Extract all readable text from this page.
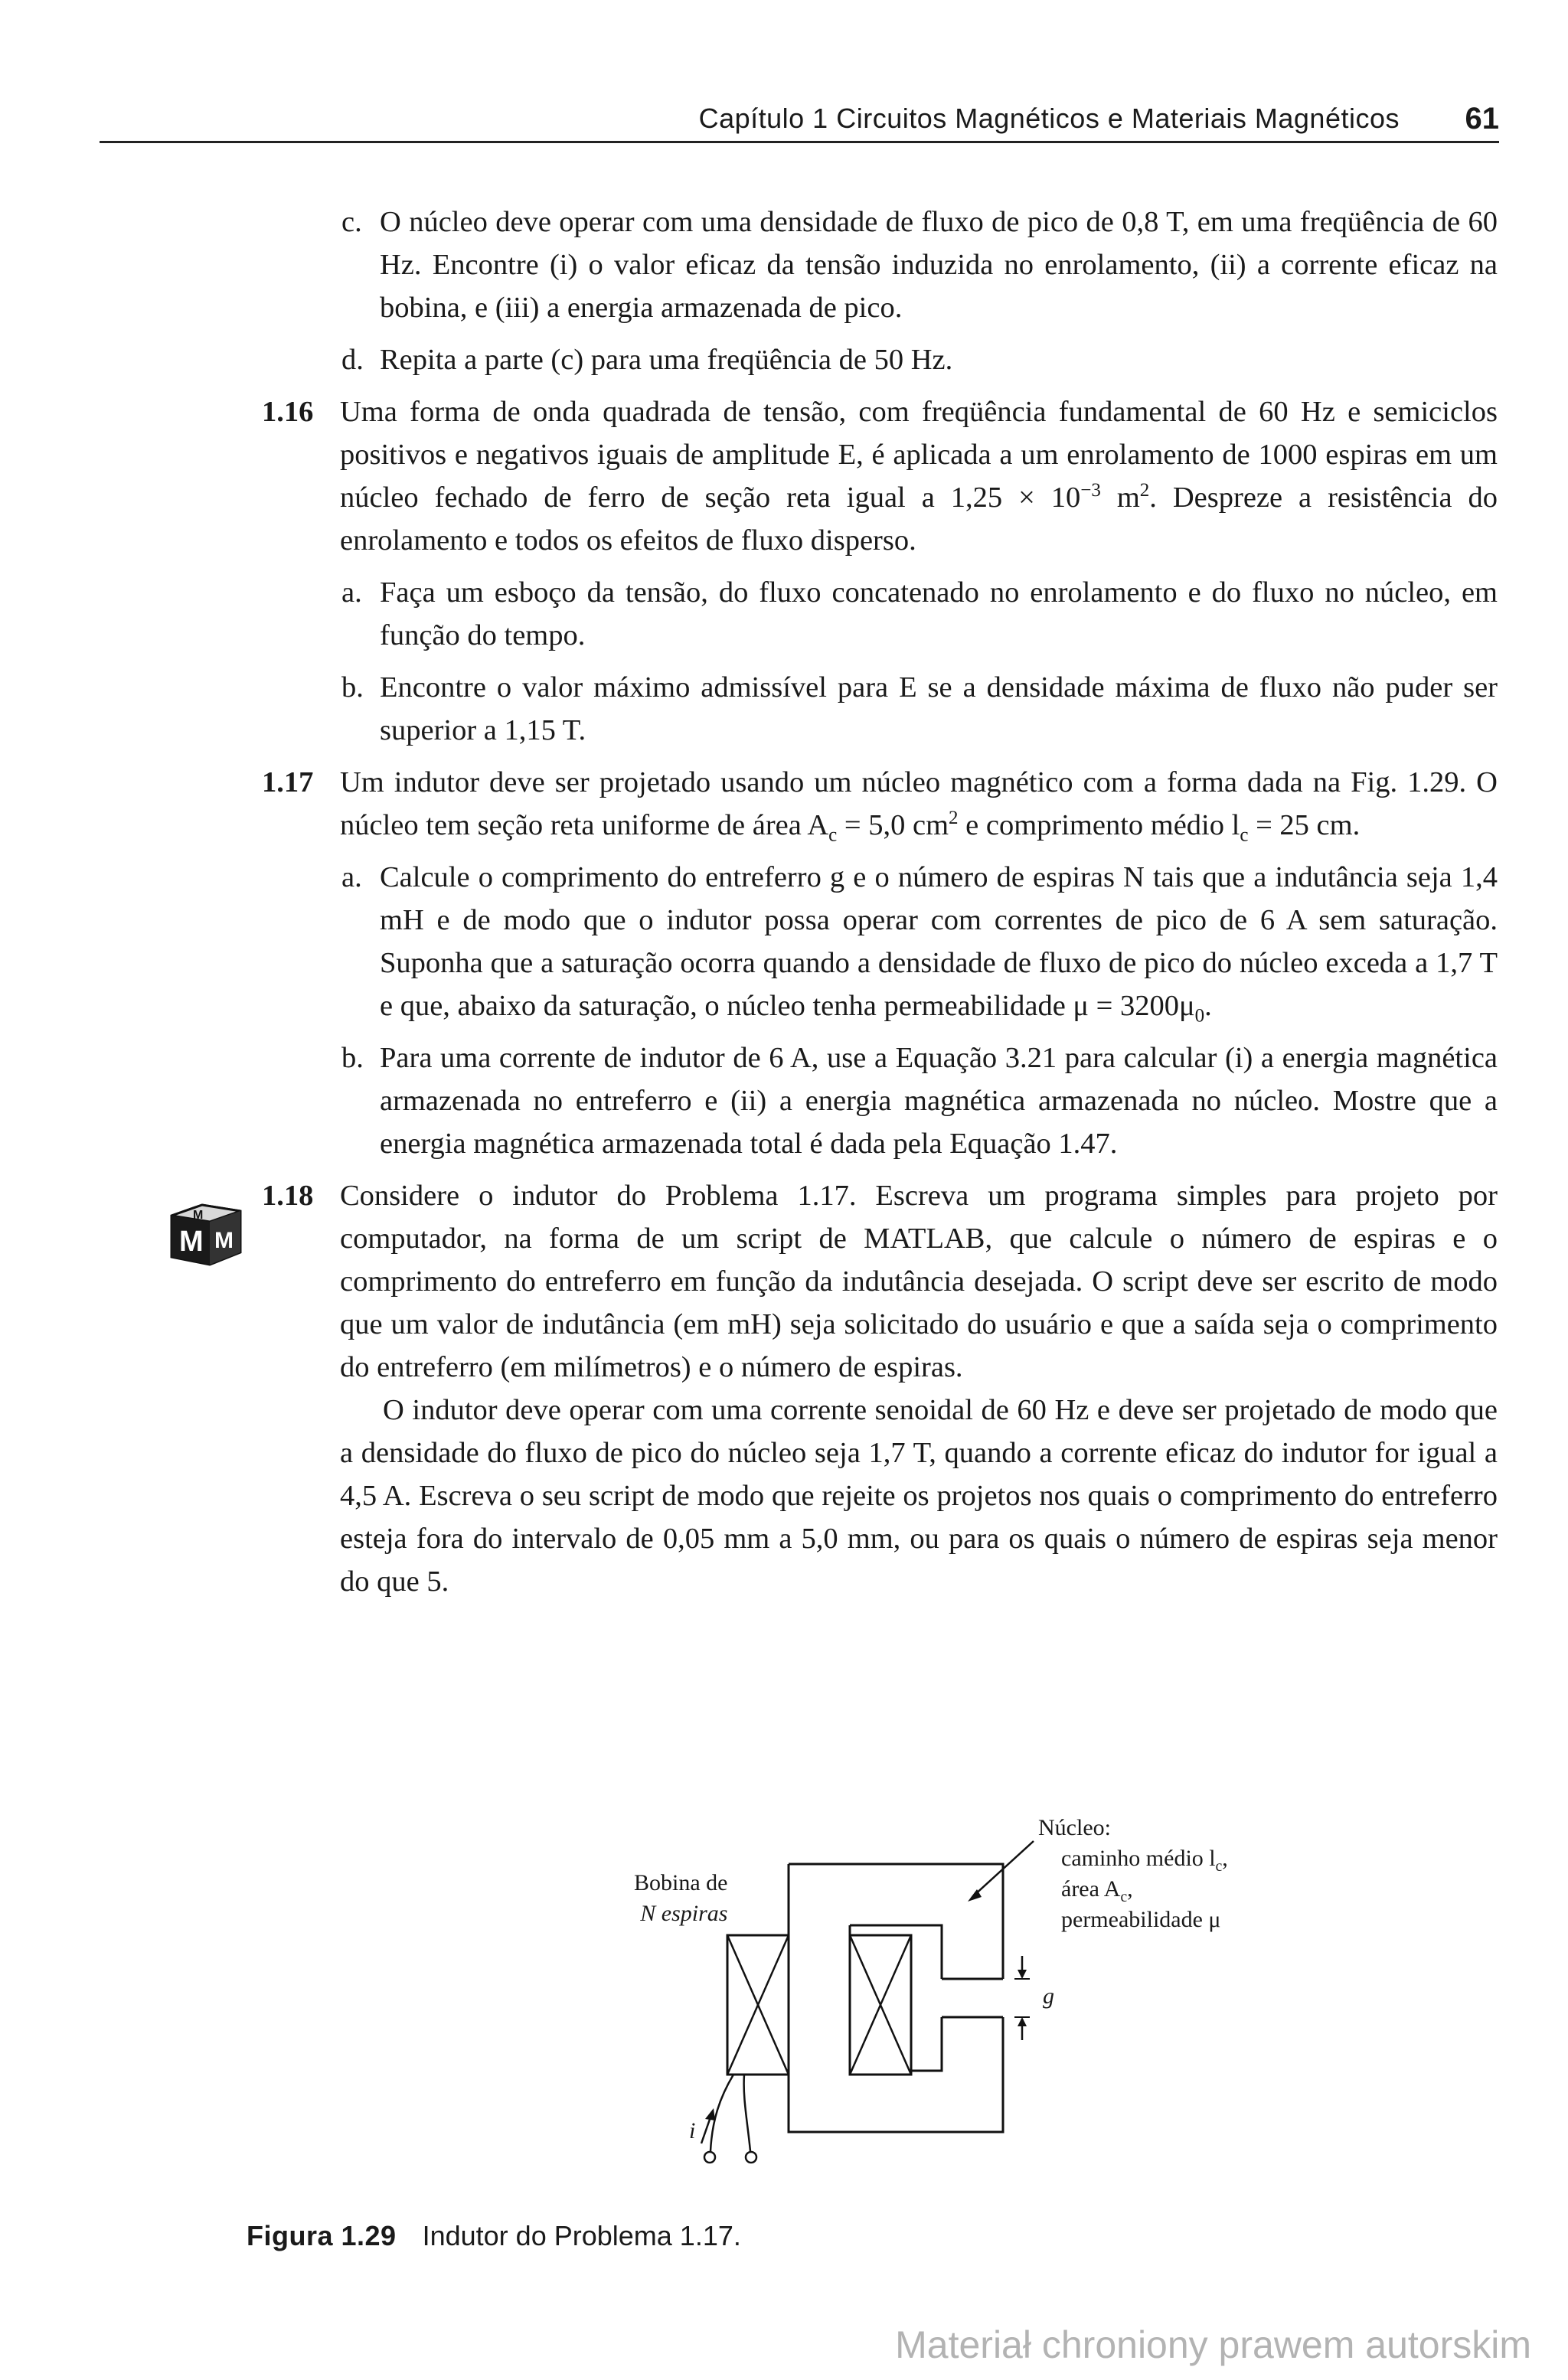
Capítulo 1 Circuitos Magnéticos e Materiais Magnéticos 61
c. O núcleo deve operar com uma densidade de fluxo de pico de 0,8 T, em uma freqüência de 60 Hz. Encontre (i) o valor eficaz da tensão induzida no enrolamento, (ii) a corrente eficaz na bobina, e (iii) a energia armazenada de pico.
d. Repita a parte (c) para uma freqüência de 50 Hz.
1.16 Uma forma de onda quadrada de tensão, com freqüência fundamental de 60 Hz e semiciclos positivos e negativos iguais de amplitude E, é aplicada a um enrolamento de 1000 espiras em um núcleo fechado de ferro de seção reta igual a $1,25 \times 10^{-3}$ $m^2$. Despreze a resistência do enrolamento e todos os efeitos de fluxo disperso.
a. Faça um esboço da tensão, do fluxo concatenado no enrolamento e do fluxo no núcleo, em função do tempo.
b. Encontre o valor máximo admissível para E se a densidade máxima de fluxo não puder ser superior a 1,15 T.
1.17 Um indutor deve ser projetado usando um núcleo magnético com a forma dada na Fig. 1.29. O núcleo tem seção reta uniforme de área $A_c = 5,0$ $cm^2$ e comprimento médio $l_c = 25$ cm.
a. Calcule o comprimento do entreferro g e o número de espiras N tais que a indutância seja 1,4 mH e de modo que o indutor possa operar com correntes de pico de 6 A sem saturação. Suponha que a saturação ocorra quando a densidade de fluxo de pico do núcleo exceda a 1,7 T e que, abaixo da saturação, o núcleo tenha permeabilidade $\mu = 3200\mu_0$.
b. Para uma corrente de indutor de 6 A, use a Equação 3.21 para calcular (i) a energia magnética armazenada no entreferro e (ii) a energia magnética armazenada no núcleo. Mostre que a energia magnética armazenada total é dada pela Equação 1.47.
1.18 Considere o indutor do Problema 1.17. Escreva um programa simples para projeto por computador, na forma de um script de MATLAB, que calcule o número de espiras e o comprimento do entreferro em função da indutância desejada. O script deve ser escrito de modo que um valor de indutância (em mH) seja solicitado do usuário e que a saída seja o comprimento do entreferro (em milímetros) e o número de espiras.
O indutor deve operar com uma corrente senoidal de 60 Hz e deve ser projetado de modo que a densidade do fluxo de pico do núcleo seja 1,7 T, quando a corrente eficaz do indutor for igual a 4,5 A. Escreva o seu script de modo que rejeite os projetos nos quais o comprimento do entreferro esteja fora do intervalo de 0,05 mm a 5,0 mm, ou para os quais o número de espiras seja menor do que 5.
M M
M
Bobina de
N espiras
Núcleo:
caminho médio $l_c$,
área $A_c$,
permeabilidade μ
g
i
Figura 1.29 Indutor do Problema 1.17.
Materiał chroniony prawem autorskim
